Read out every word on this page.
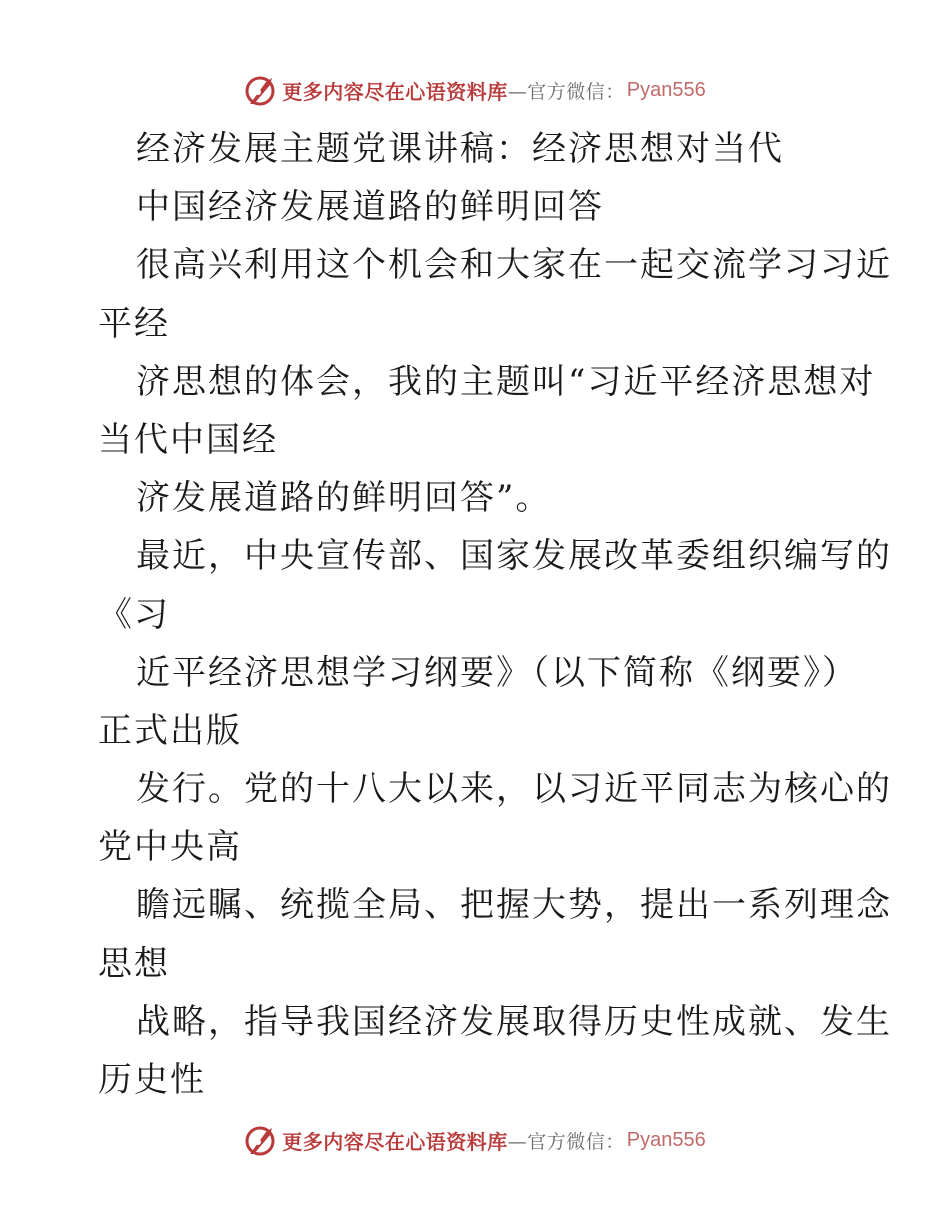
更多内容尽在心语资料库 —官方微信： Pyan556
经济发展主题党课讲稿：经济思想对当代
中国经济发展道路的鲜明回答
很高兴利用这个机会和大家在一起交流学习习近
平经
济思想的体会，我的主题叫“习近平经济思想对
当代中国经
济发展道路的鲜明回答”。
最近，中央宣传部、国家发展改革委组织编写的
《习
近平经济思想学习纲要》（以下简称《纲要》）
正式出版
发行。党的十八大以来，以习近平同志为核心的
党中央高
瞻远瞩、统揽全局、把握大势，提出一系列理念
思想
战略，指导我国经济发展取得历史性成就、发生
历史性
更多内容尽在心语资料库 —官方微信： Pyan556
